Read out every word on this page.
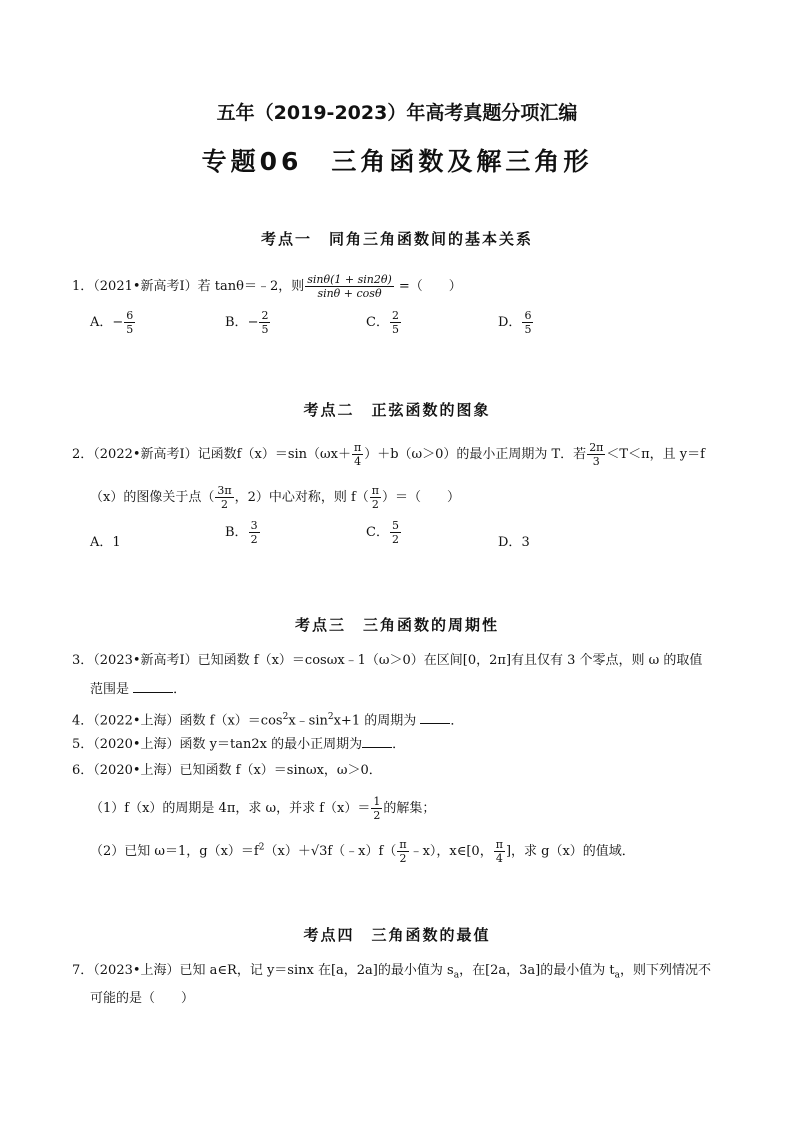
五年（2019-2023）年高考真题分项汇编
专题06　三角函数及解三角形
考点一　同角三角函数间的基本关系
1．（2021•新高考Ⅰ）若 tanθ＝﹣2，则 $\frac{\sin\theta(1 + \sin 2\theta)}{\sin\theta + \cos\theta}$ =（　　）
A．− $\frac{6}{5}$	B．− $\frac{2}{5}$	C． $\frac{2}{5}$	D． $\frac{6}{5}$
考点二　正弦函数的图象
2．（2022•新高考Ⅰ）记函数$f(x)=\sin(\omega x+ \frac{\pi}{4} )+b(\omega>0)$的最小正周期为 T．若 $\frac{2\pi}{3} <T<\pi$，且 y＝f
（x）的图像关于点（ $\frac{3\pi}{2}$ ，2）中心对称，则 $f( \frac{\pi}{2}$ ）＝（　　）
A．1
B． $\frac{3}{2}$	C． $\frac{5}{2}$	D．3
考点三　三角函数的周期性
3．（2023•新高考Ⅰ）已知函数 f（x）＝cosωx﹣1（ω＞0）在区间[0，2π]有且仅有 3 个零点，则 ω 的取值
范围是	．
4．（2022•上海）函数 $f(x)=\cos^2x﹣\sin^2x+1$ 的周期为	．
5．（2020•上海）函数 y＝tan2x 的最小正周期为 ．
6．（2020•上海）已知函数 f（x）＝sinωx，ω＞0．
（1）f（x）的周期是 4π，求 ω，并求 $f(x)= \frac{1}{2}$ 的解集；
（2）已知 ω＝1，$g(x)=f^2(x)+√3f(﹣x)f( \frac{\pi}{2}$ ﹣x），x∈[0， $\frac{\pi}{4}$ ]，求 g（x）的值域．
考点四　三角函数的最值
7．（2023•上海）已知 a∈R，记 y＝sinx 在[a，2a]的最小值为 $s_a$，在[2a，3a]的最小值为 $t_a$，则下列情况不
可能的是（　　）
